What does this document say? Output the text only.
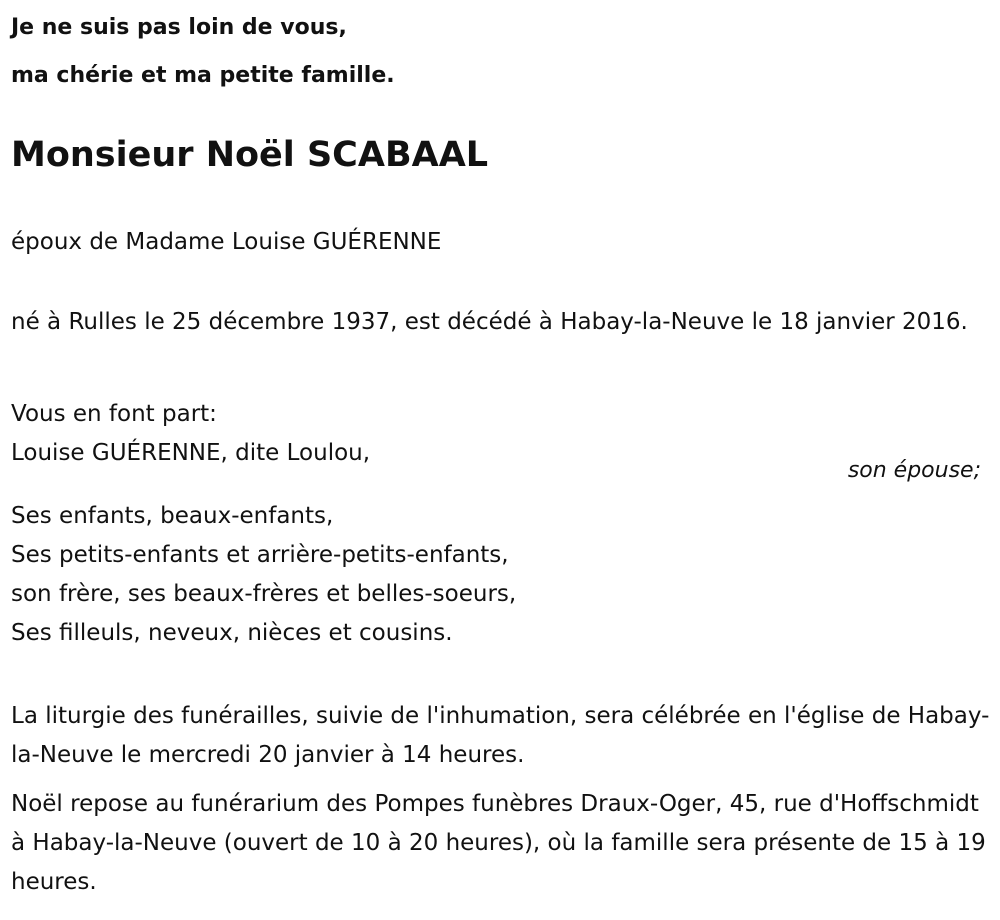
Je ne suis pas loin de vous,

ma chérie et ma petite famille.

Monsieur Noël SCABAAL

époux de Madame Louise GUÉRENNE

né à Rulles le 25 décembre 1937, est décédé à Habay-la-Neuve le 18 janvier 2016.

Vous en font part:
Louise GUÉRENNE, dite Loulou,
son épouse;
Ses enfants, beaux-enfants,
Ses petits-enfants et arrière-petits-enfants,
son frère, ses beaux-frères et belles-soeurs,
Ses filleuls, neveux, nièces et cousins.

La liturgie des funérailles, suivie de l'inhumation, sera célébrée en l'église de Habay-la-Neuve le mercredi 20 janvier à 14 heures.

Noël repose au funérarium des Pompes funèbres Draux-Oger, 45, rue d'Hoffschmidt à Habay-la-Neuve (ouvert de 10 à 20 heures), où la famille sera présente de 15 à 19 heures.
